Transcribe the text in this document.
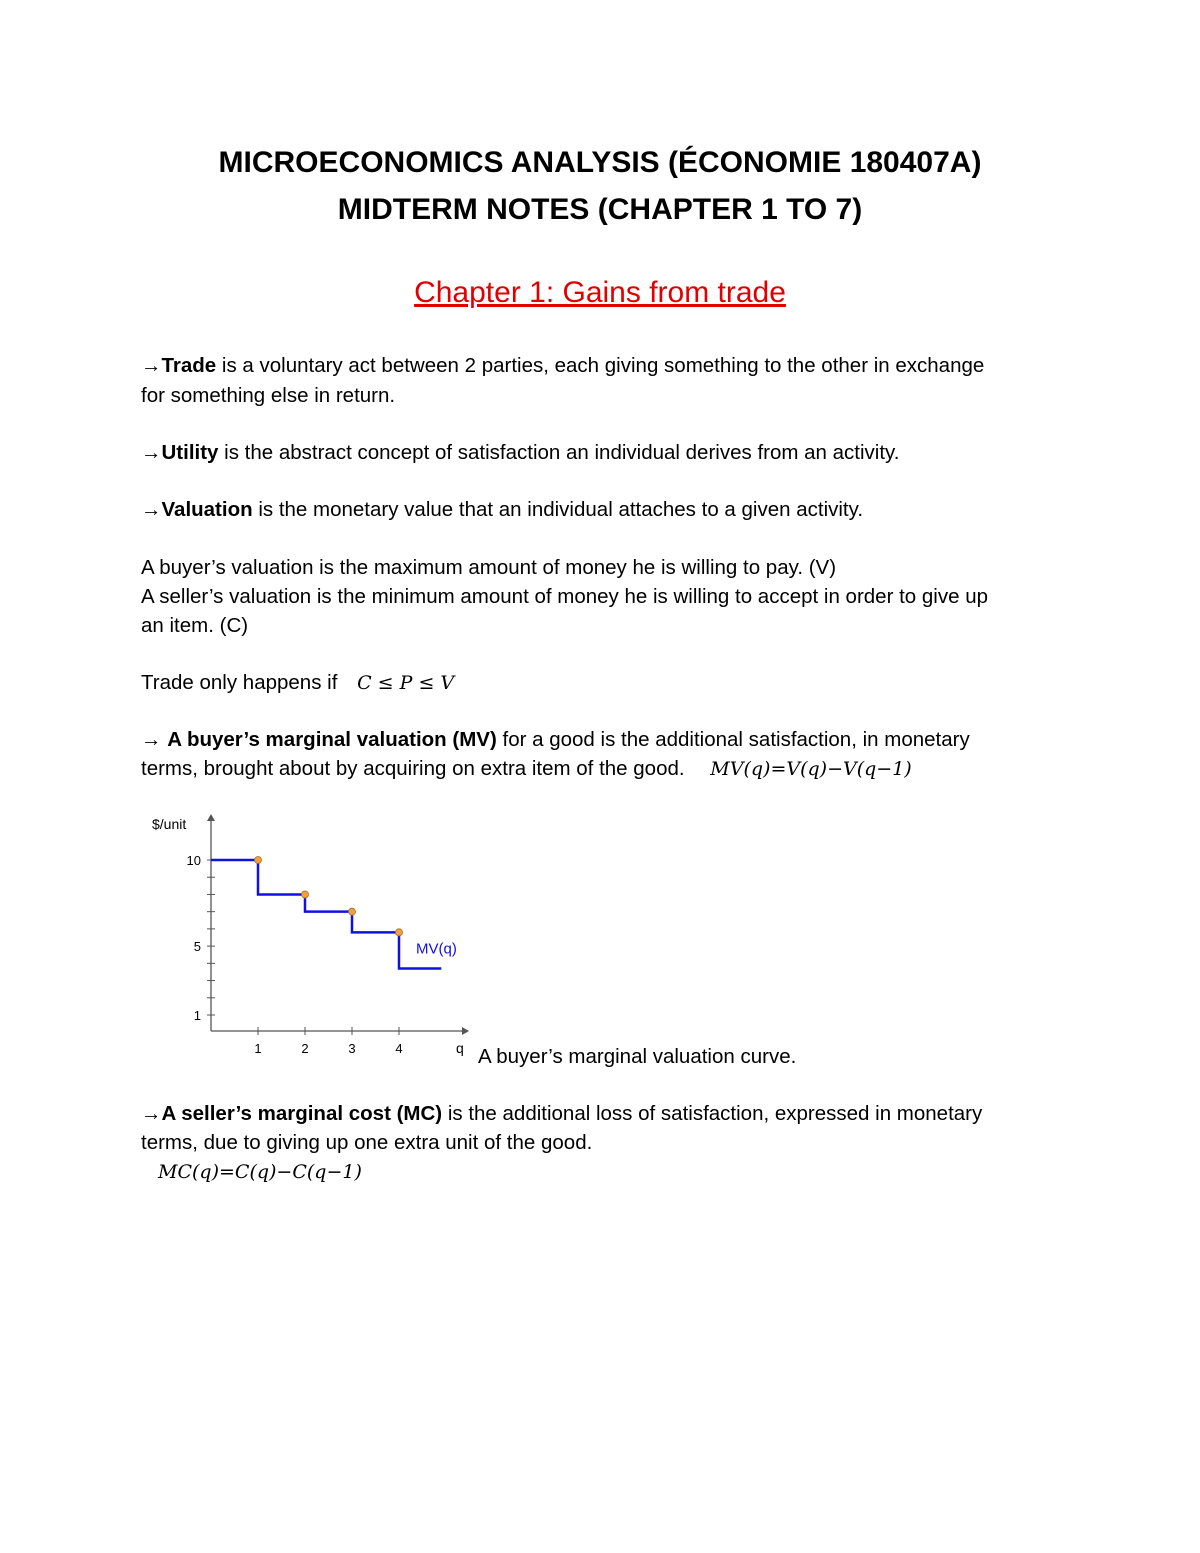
MICROECONOMICS ANALYSIS (ÉCONOMIE 180407A)
MIDTERM NOTES (CHAPTER 1 TO 7)
Chapter 1: Gains from trade
→Trade is a voluntary act between 2 parties, each giving something to the other in exchange
for something else in return.
→Utility is the abstract concept of satisfaction an individual derives from an activity.
→Valuation is the monetary value that an individual attaches to a given activity.
A buyer’s valuation is the maximum amount of money he is willing to pay. (V)
A seller’s valuation is the minimum amount of money he is willing to accept in order to give up
an item. (C)
Trade only happens if C ≤ P ≤ V
→ A buyer’s marginal valuation (MV) for a good is the additional satisfaction, in monetary
terms, brought about by acquiring on extra item of the good. MV(q)=V(q)−V(q−1)
10
5
1
1	2	3	4
$/unit
q
MV(q)
A buyer’s marginal valuation curve.
→A seller’s marginal cost (MC) is the additional loss of satisfaction, expressed in monetary
terms, due to giving up one extra unit of the good.
MC(q)=C(q)−C(q−1)
